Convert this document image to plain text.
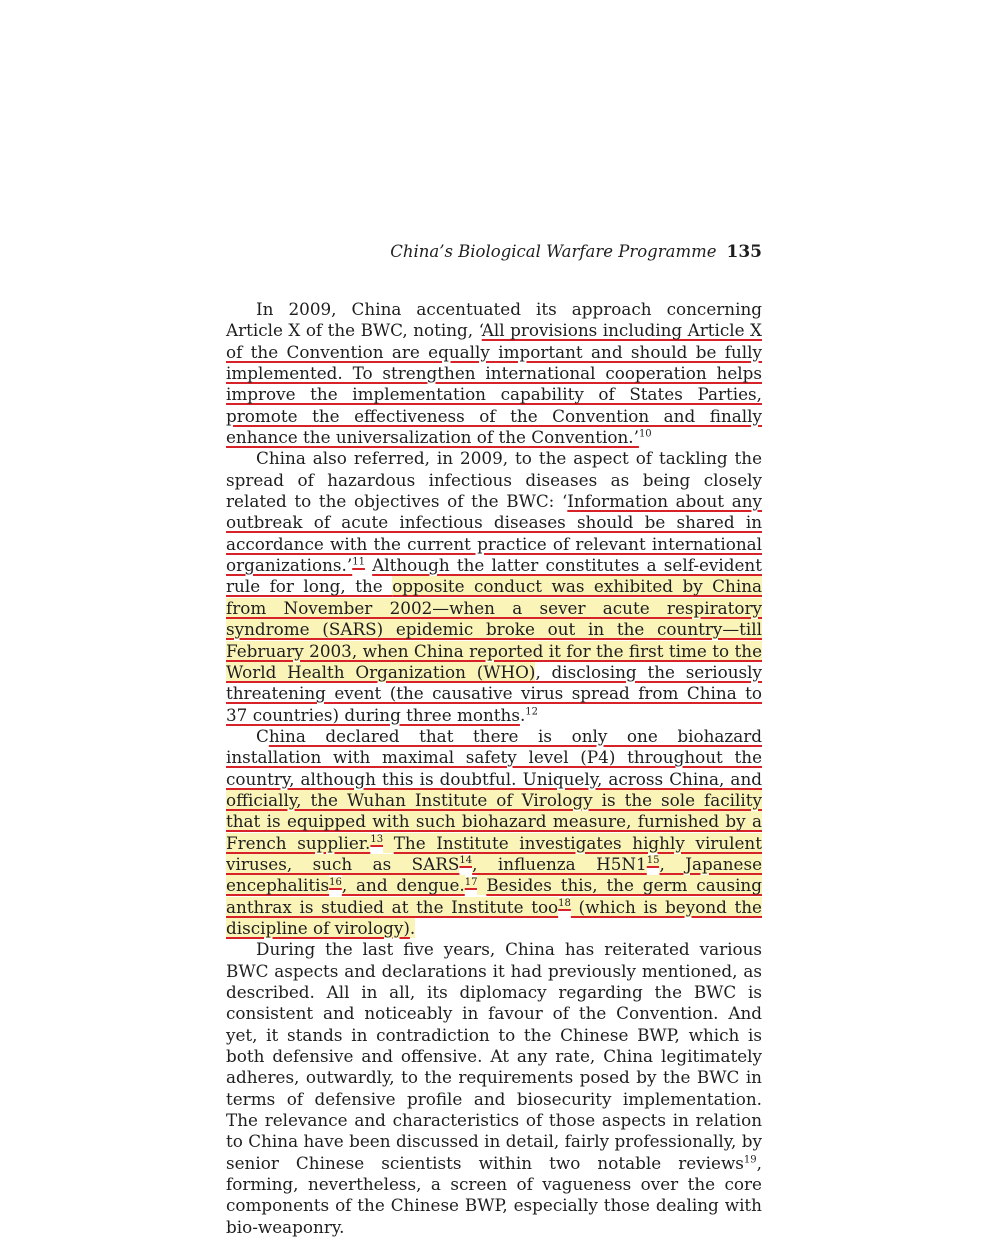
China’s Biological Warfare Programme 135

In 2009, China accentuated its approach concerning Article X of the BWC, noting, ‘All provisions including Article X of the Convention are equally important and should be fully implemented. To strengthen international cooperation helps improve the implementation capability of States Parties, promote the effectiveness of the Convention and finally enhance the universalization of the Convention.’$^{10}$

China also referred, in 2009, to the aspect of tackling the spread of hazardous infectious diseases as being closely related to the objectives of the BWC: ‘Information about any outbreak of acute infectious diseases should be shared in accordance with the current practice of relevant international organizations.’$^{11}$ Although the latter constitutes a self-evident rule for long, the opposite conduct was exhibited by China from November 2002—when a sever acute respiratory syndrome (SARS) epidemic broke out in the country—till February 2003, when China reported it for the first time to the World Health Organization (WHO), disclosing the seriously threatening event (the causative virus spread from China to 37 countries) during three months.$^{12}$

China declared that there is only one biohazard installation with maximal safety level (P4) throughout the country, although this is doubtful. Uniquely, across China, and officially, the Wuhan Institute of Virology is the sole facility that is equipped with such biohazard measure, furnished by a French supplier.$^{13}$ The Institute investigates highly virulent viruses, such as SARS$^{14}$, influenza $H5N1^{15}$, Japanese encephalitis$^{16}$, and dengue.$^{17}$ Besides this, the germ causing anthrax is studied at the Institute too$^{18}$ (which is beyond the discipline of virology).

During the last five years, China has reiterated various BWC aspects and declarations it had previously mentioned, as described. All in all, its diplomacy regarding the BWC is consistent and noticeably in favour of the Convention. And yet, it stands in contradiction to the Chinese BWP, which is both defensive and offensive. At any rate, China legitimately adheres, outwardly, to the requirements posed by the BWC in terms of defensive profile and biosecurity implementation. The relevance and characteristics of those aspects in relation to China have been discussed in detail, fairly professionally, by senior Chinese scientists within two notable reviews$^{19}$, forming, nevertheless, a screen of vagueness over the core components of the Chinese BWP, especially those dealing with bio-weaponry.
